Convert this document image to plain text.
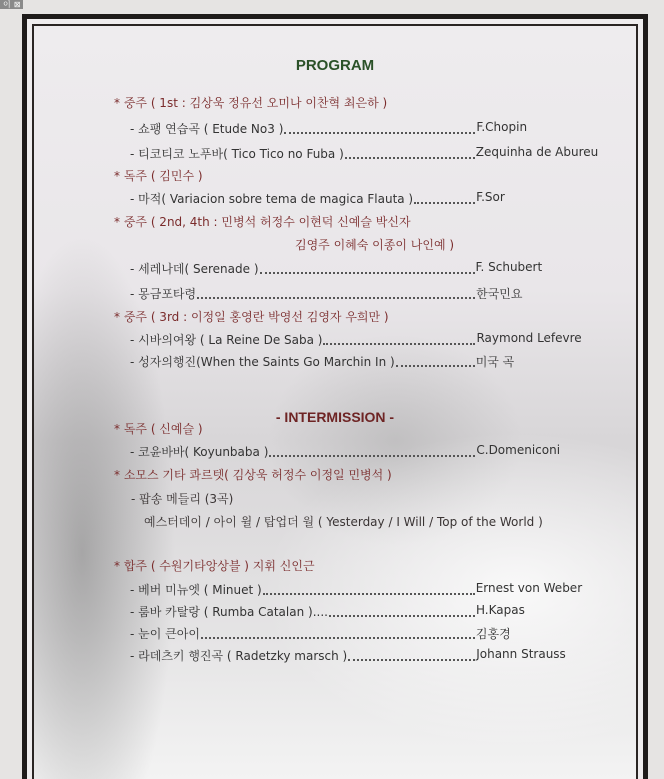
이 ⊠
PROGRAM
- INTERMISSION -
* 중주 ( 1st : 김상욱 정유선 오미나 이찬혁 최은하 )
- 쇼팽 연습곡 ( Etude No3 )	F.Chopin
- 티코티코 노푸바( Tico Tico no Fuba )	Zequinha de Abureu
* 독주 ( 김민수 )
- 마적( Variacion sobre tema de magica Flauta )	F.Sor
* 중주 ( 2nd, 4th : 민병석 허정수 이현덕 신예슬 박신자
김영주 이혜숙 이종이 나인예 )
- 세레나데( Serenade )	F. Schubert
- 몽금포타령	한국민요
* 중주 ( 3rd : 이정일 홍영란 박영선 김영자 우희만 )
- 시바의여왕 ( La Reine De Saba )	Raymond Lefevre
- 성자의행진(When the Saints Go Marchin In )	미국 곡
* 독주 ( 신예슬 )
- 코윤바바( Koyunbaba )	C.Domeniconi
* 소모스 기타 콰르텟( 김상욱 허정수 이정일 민병석 )
- 팝송 메들리 (3곡)
예스터데이 / 아이 윌 / 탑업더 월 ( Yesterday / I Will / Top of the World )
* 합주 ( 수원기타앙상블 ) 지휘 신인근
- 베버 미뉴엣 ( Minuet )	Ernest von Weber
- 룸바 카탈랑 ( Rumba Catalan )....	H.Kapas
- 눈이 큰아이	김홍경
- 라데츠키 행진곡 ( Radetzky marsch )	Johann Strauss
